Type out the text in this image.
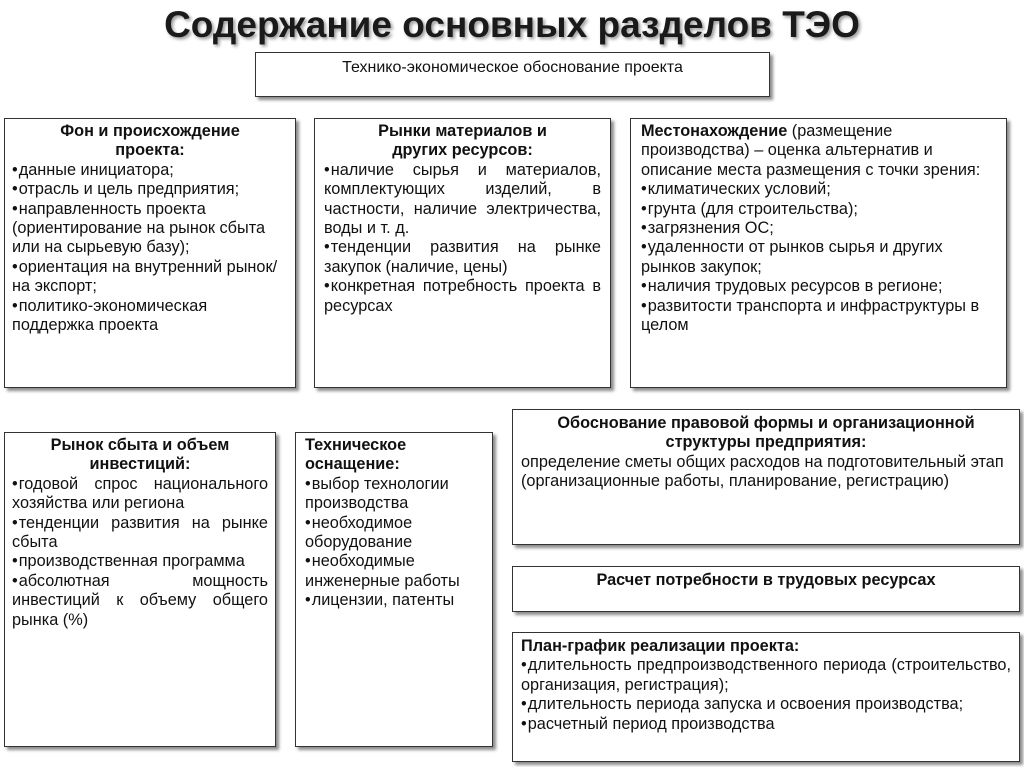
Содержание основных разделов ТЭО
Технико-экономическое обоснование проекта
Фон и происхождение проекта:
•данные инициатора;
•отрасль и цель предприятия;
•направленность проекта (ориентирование на рынок сбыта или на сырьевую базу);
•ориентация на внутренний рынок/ на экспорт;
•политико-экономическая поддержка проекта
Рынки материалов и других ресурсов:
•наличие сырья и материалов, комплектующих изделий, в частности, наличие электричества, воды и т. д.
•тенденции развития на рынке закупок (наличие, цены)
•конкретная потребность проекта в ресурсах
Местонахождение (размещение производства) – оценка альтернатив и описание места размещения с точки зрения:
•климатических условий;
•грунта (для строительства);
•загрязнения ОС;
•удаленности от рынков сырья и других рынков закупок;
•наличия трудовых ресурсов в регионе;
•развитости транспорта и инфраструктуры в целом
Рынок сбыта и объем инвестиций:
•годовой спрос национального хозяйства или региона
•тенденции развития на рынке сбыта
•производственная программа
•абсолютная мощность инвестиций к объему общего рынка (%)
Техническое оснащение:
•выбор технологии производства
•необходимое оборудование
•необходимые инженерные работы
•лицензии, патенты
Обоснование правовой формы и организационной структуры предприятия:
определение сметы общих расходов на подготовительный этап (организационные работы, планирование, регистрацию)
Расчет потребности в трудовых ресурсах
План-график реализации проекта:
•длительность предпроизводственного периода (строительство, организация, регистрация);
•длительность периода запуска и освоения производства;
•расчетный период производства
